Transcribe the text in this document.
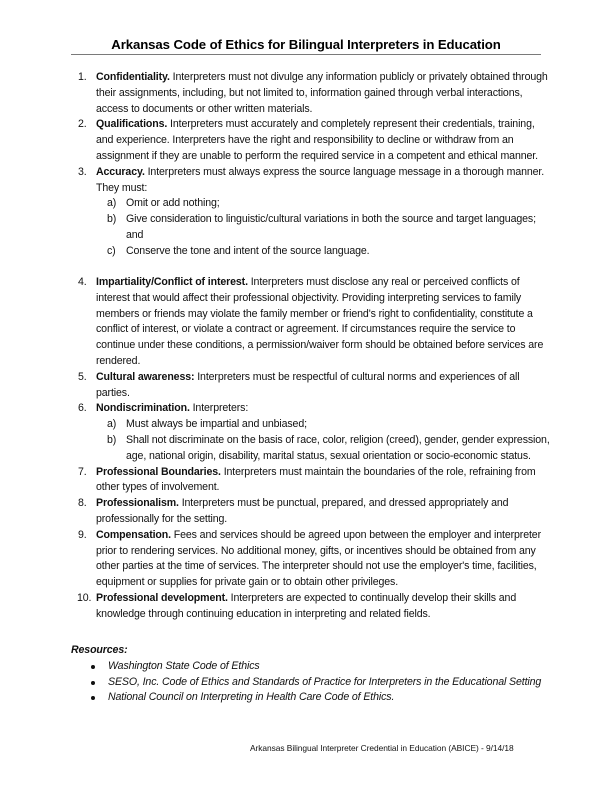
Arkansas Code of Ethics for Bilingual Interpreters in Education
1. Confidentiality. Interpreters must not divulge any information publicly or privately obtained through their assignments, including, but not limited to, information gained through verbal interactions, access to documents or other written materials.
2. Qualifications. Interpreters must accurately and completely represent their credentials, training, and experience. Interpreters have the right and responsibility to decline or withdraw from an assignment if they are unable to perform the required service in a competent and ethical manner.
3. Accuracy. Interpreters must always express the source language message in a thorough manner. They must:
a) Omit or add nothing;
b) Give consideration to linguistic/cultural variations in both the source and target languages; and
c) Conserve the tone and intent of the source language.
4. Impartiality/Conflict of interest. Interpreters must disclose any real or perceived conflicts of interest that would affect their professional objectivity. Providing interpreting services to family members or friends may violate the family member or friend's right to confidentiality, constitute a conflict of interest, or violate a contract or agreement. If circumstances require the service to continue under these conditions, a permission/waiver form should be obtained before services are rendered.
5. Cultural awareness: Interpreters must be respectful of cultural norms and experiences of all parties.
6. Nondiscrimination. Interpreters:
a) Must always be impartial and unbiased;
b) Shall not discriminate on the basis of race, color, religion (creed), gender, gender expression, age, national origin, disability, marital status, sexual orientation or socio-economic status.
7. Professional Boundaries. Interpreters must maintain the boundaries of the role, refraining from other types of involvement.
8. Professionalism. Interpreters must be punctual, prepared, and dressed appropriately and professionally for the setting.
9. Compensation. Fees and services should be agreed upon between the employer and interpreter prior to rendering services. No additional money, gifts, or incentives should be obtained from any other parties at the time of services. The interpreter should not use the employer's time, facilities, equipment or supplies for private gain or to obtain other privileges.
10. Professional development. Interpreters are expected to continually develop their skills and knowledge through continuing education in interpreting and related fields.
Resources:
Washington State Code of Ethics
SESO, Inc. Code of Ethics and Standards of Practice for Interpreters in the Educational Setting
National Council on Interpreting in Health Care Code of Ethics.
Arkansas Bilingual Interpreter Credential in Education (ABICE) - 9/14/18
